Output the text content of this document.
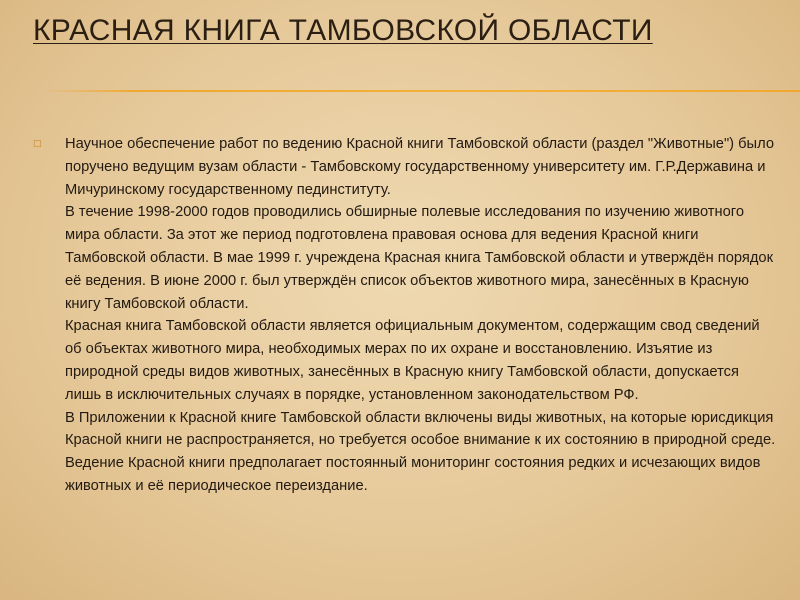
КРАСНАЯ КНИГА ТАМБОВСКОЙ ОБЛАСТИ
□	Научное обеспечение работ по ведению Красной книги Тамбовской области (раздел "Животные") было поручено ведущим вузам области - Тамбовскому государственному университету им. Г.Р.Державина и Мичуринскому государственному пединституту.

В течение 1998-2000 годов проводились обширные полевые исследования по изучению животного мира области. За этот же период подготовлена правовая основа для ведения Красной книги Тамбовской области. В мае 1999 г. учреждена Красная книга Тамбовской области и утверждён порядок её ведения. В июне 2000 г. был утверждён список объектов животного мира, занесённых в Красную книгу Тамбовской области.

Красная книга Тамбовской области является официальным документом, содержащим свод сведений об объектах животного мира, необходимых мерах по их охране и восстановлению. Изъятие из природной среды видов животных, занесённых в Красную книгу Тамбовской области, допускается лишь в исключительных случаях в порядке, установленном законодательством РФ.

В Приложении к Красной книге Тамбовской области включены виды животных, на которые юрисдикция Красной книги не распространяется, но требуется особое внимание к их состоянию в природной среде. Ведение Красной книги предполагает постоянный мониторинг состояния редких и исчезающих видов животных и её периодическое переиздание.
